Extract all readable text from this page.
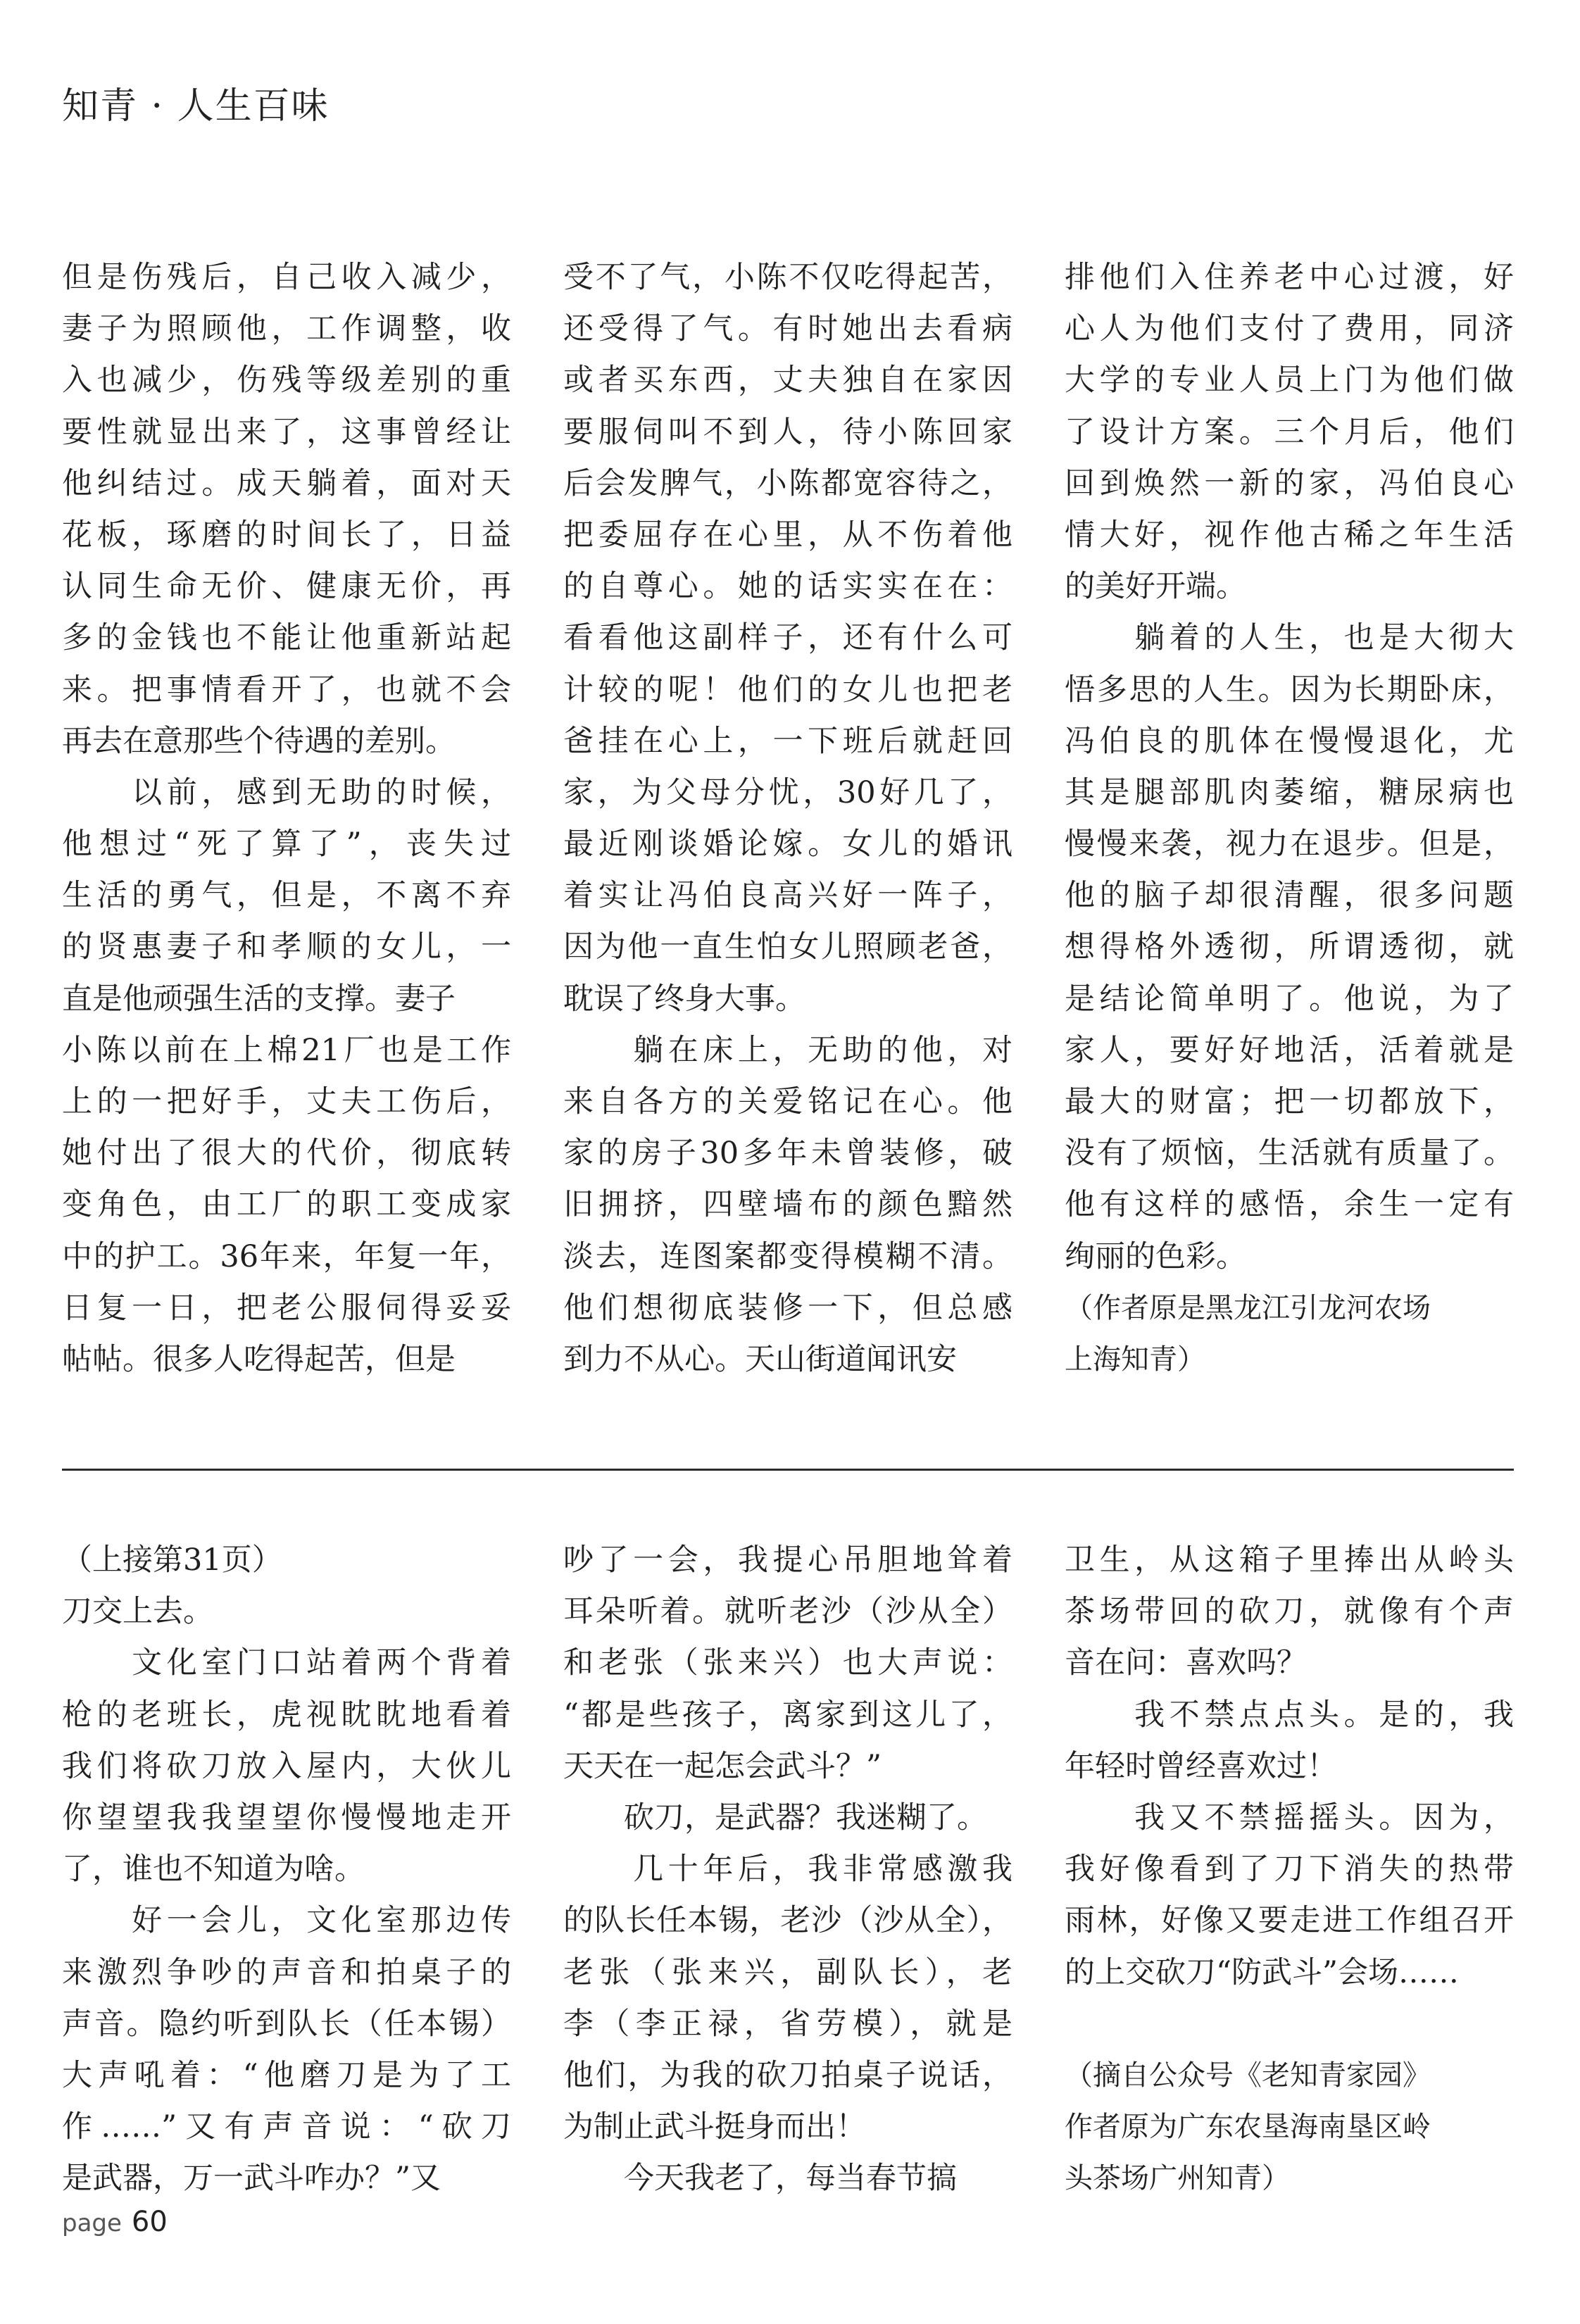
知青 · 人生百味
但是伤残后，自己收入减少，
妻子为照顾他，工作调整，收
入也减少，伤残等级差别的重
要性就显出来了，这事曾经让
他纠结过。成天躺着，面对天
花板，琢磨的时间长了，日益
认同生命无价、健康无价，再
多的金钱也不能让他重新站起
来。把事情看开了，也就不会
再去在意那些个待遇的差别。
　　以前，感到无助的时候，
他想过“死了算了”，丧失过
生活的勇气，但是，不离不弃
的贤惠妻子和孝顺的女儿，一
直是他顽强生活的支撑。妻子
小陈以前在上棉21厂也是工作
上的一把好手，丈夫工伤后，
她付出了很大的代价，彻底转
变角色，由工厂的职工变成家
中的护工。36年来，年复一年，
日复一日，把老公服伺得妥妥
帖帖。很多人吃得起苦，但是
受不了气，小陈不仅吃得起苦，
还受得了气。有时她出去看病
或者买东西，丈夫独自在家因
要服伺叫不到人，待小陈回家
后会发脾气，小陈都宽容待之，
把委屈存在心里，从不伤着他
的自尊心。她的话实实在在：
看看他这副样子，还有什么可
计较的呢！他们的女儿也把老
爸挂在心上，一下班后就赶回
家，为父母分忧，30好几了，
最近刚谈婚论嫁。女儿的婚讯
着实让冯伯良高兴好一阵子，
因为他一直生怕女儿照顾老爸，
耽误了终身大事。
　　躺在床上，无助的他，对
来自各方的关爱铭记在心。他
家的房子30多年未曾装修，破
旧拥挤，四壁墙布的颜色黯然
淡去，连图案都变得模糊不清。
他们想彻底装修一下，但总感
到力不从心。天山街道闻讯安
排他们入住养老中心过渡，好
心人为他们支付了费用，同济
大学的专业人员上门为他们做
了设计方案。三个月后，他们
回到焕然一新的家，冯伯良心
情大好，视作他古稀之年生活
的美好开端。
　　躺着的人生，也是大彻大
悟多思的人生。因为长期卧床，
冯伯良的肌体在慢慢退化，尤
其是腿部肌肉萎缩，糖尿病也
慢慢来袭，视力在退步。但是，
他的脑子却很清醒，很多问题
想得格外透彻，所谓透彻，就
是结论简单明了。他说，为了
家人，要好好地活，活着就是
最大的财富；把一切都放下，
没有了烦恼，生活就有质量了。
他有这样的感悟，余生一定有
绚丽的色彩。
（作者原是黑龙江引龙河农场
上海知青）
（上接第31页）
刀交上去。
　　文化室门口站着两个背着
枪的老班长，虎视眈眈地看着
我们将砍刀放入屋内，大伙儿
你望望我我望望你慢慢地走开
了，谁也不知道为啥。
　　好一会儿，文化室那边传
来激烈争吵的声音和拍桌子的
声音。隐约听到队长（任本锡）
大声吼着：“他磨刀是为了工
作……”又有声音说：“砍刀
是武器，万一武斗咋办？”又
吵了一会，我提心吊胆地耸着
耳朵听着。就听老沙（沙从全）
和老张（张来兴）也大声说：
“都是些孩子，离家到这儿了，
天天在一起怎会武斗？”
　　砍刀，是武器？我迷糊了。
　　几十年后，我非常感激我
的队长任本锡，老沙（沙从全），
老张（张来兴，副队长），老
李（李正禄，省劳模），就是
他们，为我的砍刀拍桌子说话，
为制止武斗挺身而出！
　　今天我老了，每当春节搞
卫生，从这箱子里捧出从岭头
茶场带回的砍刀，就像有个声
音在问：喜欢吗？
　　我不禁点点头。是的，我
年轻时曾经喜欢过！
　　我又不禁摇摇头。因为，
我好像看到了刀下消失的热带
雨林，好像又要走进工作组召开
的上交砍刀“防武斗”会场……
（摘自公众号《老知青家园》
作者原为广东农垦海南垦区岭
头茶场广州知青）
page 60
